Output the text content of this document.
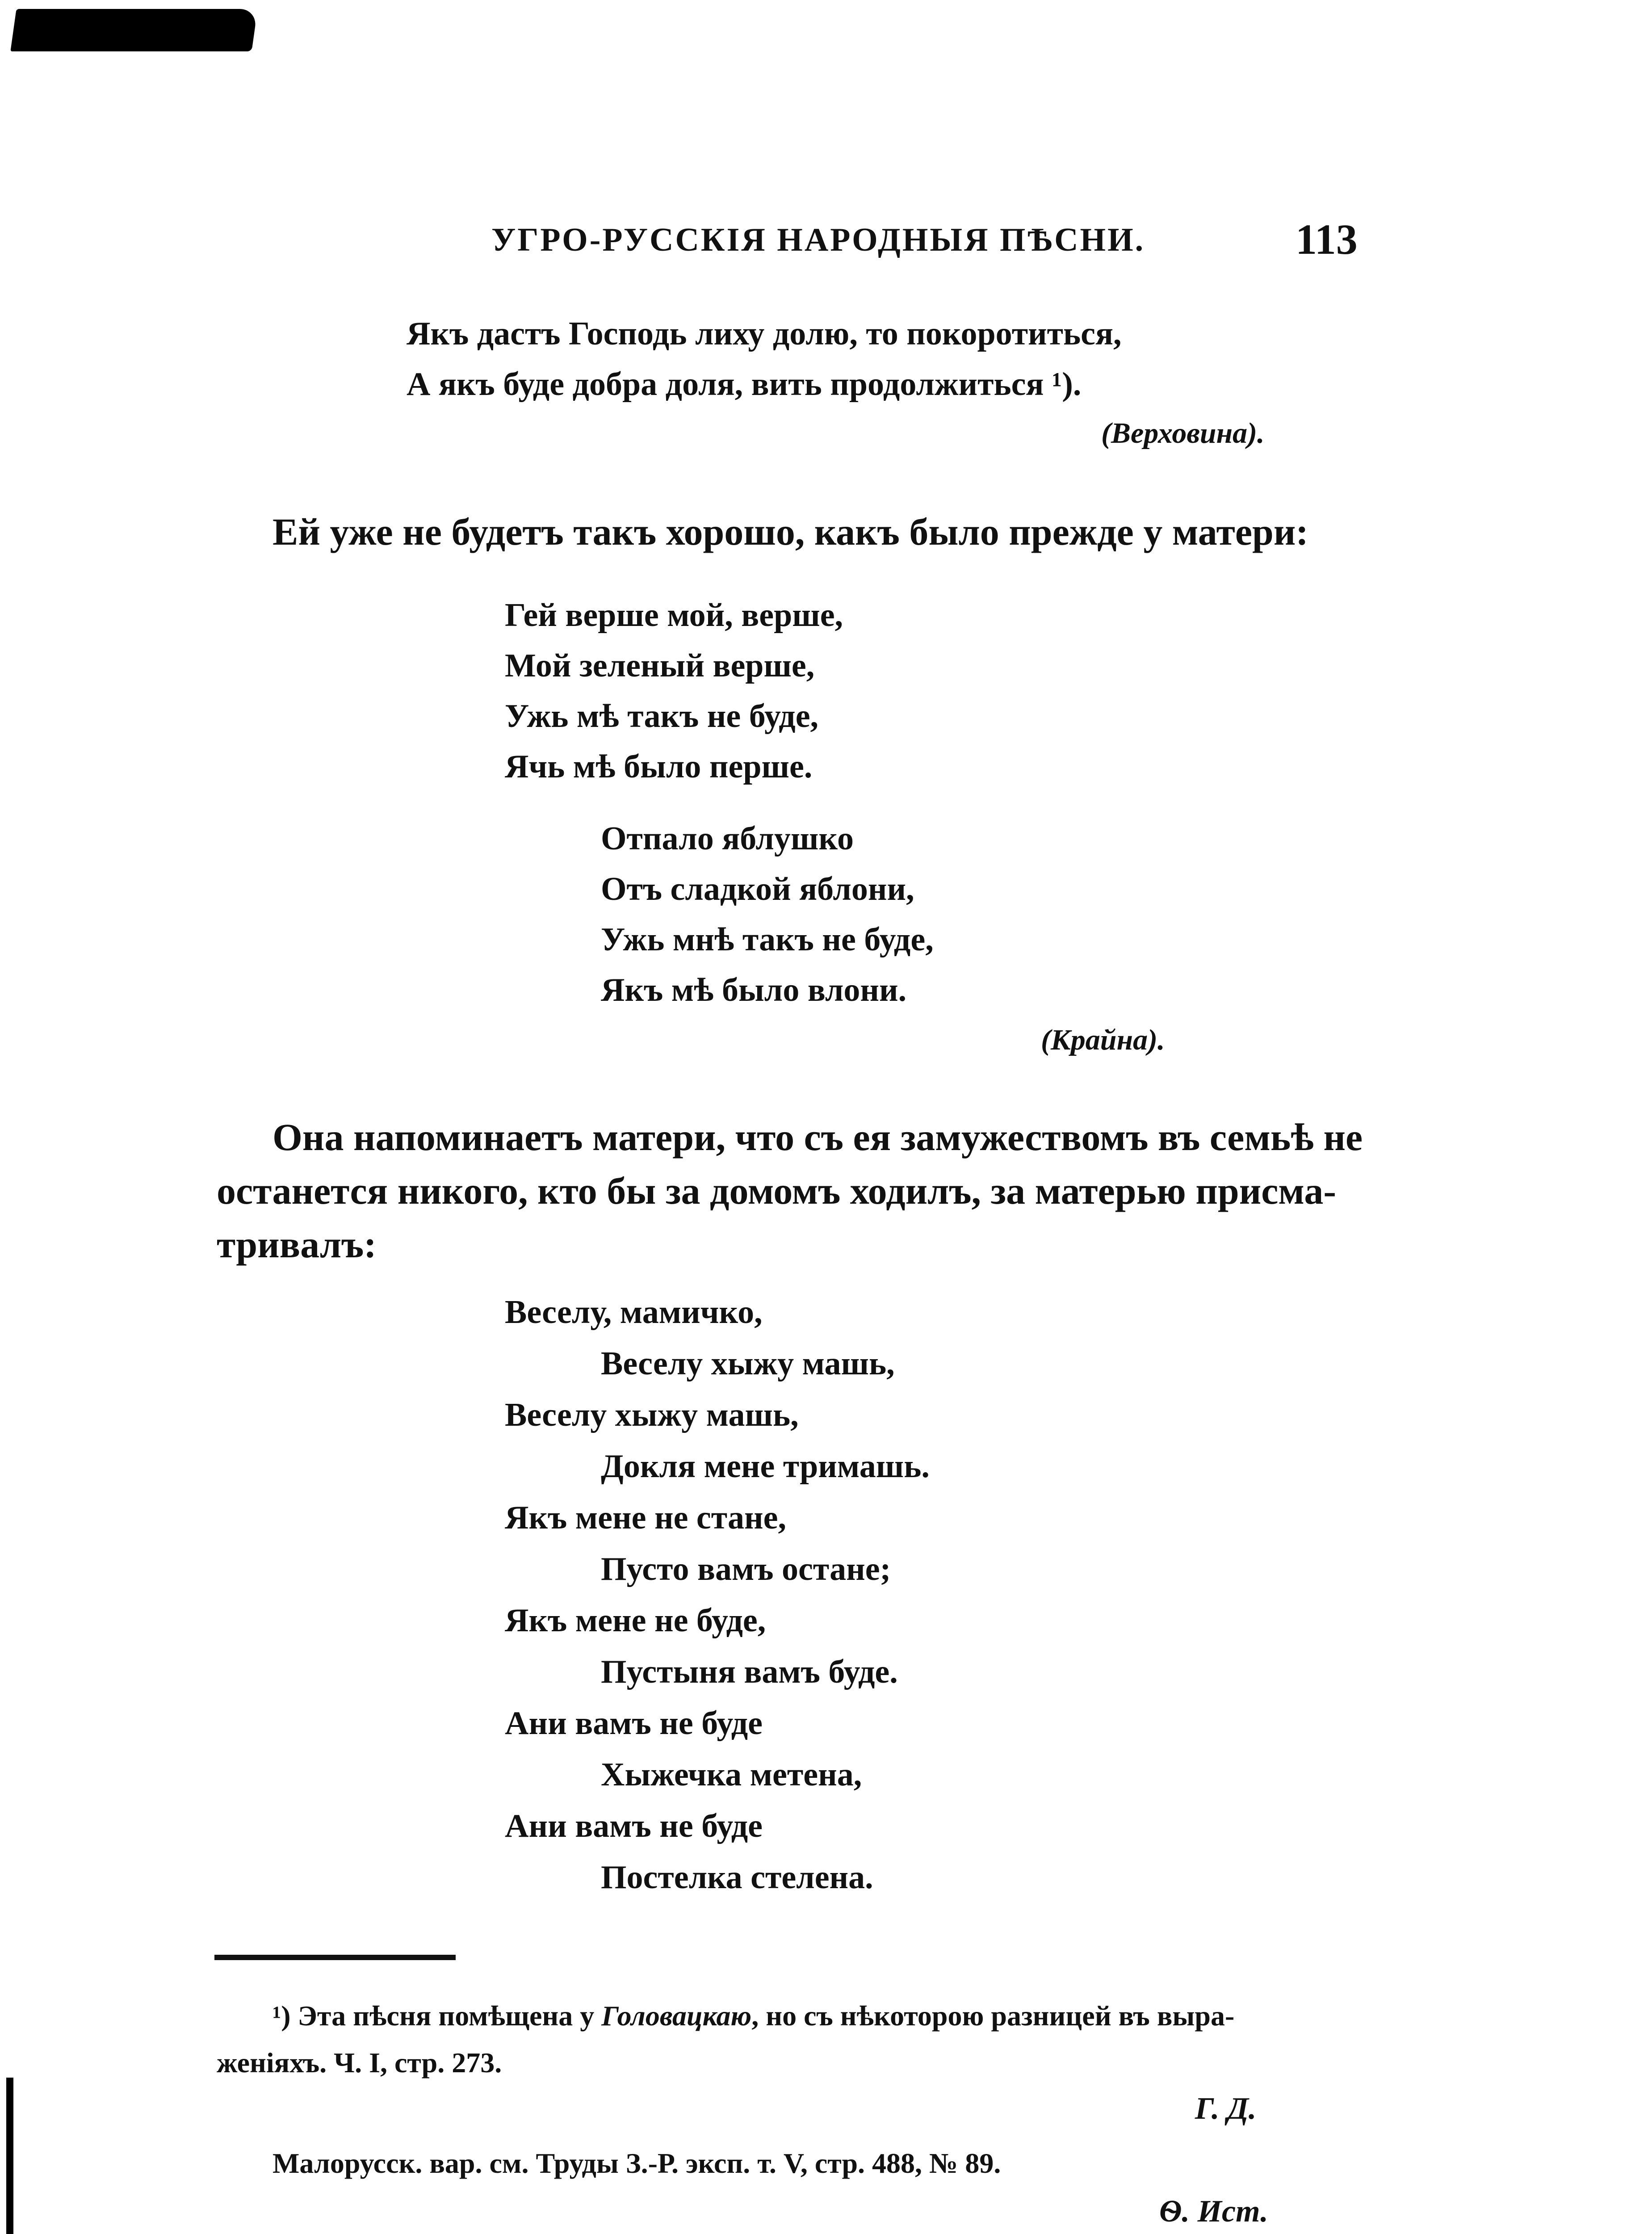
УГРО-РУССКІЯ НАРОДНЫЯ ПѢСНИ.	113
Якъ дастъ Господь лиху долю, то покоротиться,
А якъ буде добра доля, вить продолжиться ¹).
(Верховина).
Ей уже не будетъ такъ хорошо, какъ было прежде у матери:
Гей верше мой, верше,
Мой зеленый верше,
Ужь мѣ такъ не буде,
Ячь мѣ было перше.
Отпало яблушко
Отъ сладкой яблони,
Ужь мнѣ такъ не буде,
Якъ мѣ было влони.
(Крайна).
Она напоминаетъ матери, что съ ея замужествомъ въ семьѣ не
останется никого, кто бы за домомъ ходилъ, за матерью присма-
тривалъ:
Веселу, мамичко,
Веселу хыжу машь,
Веселу хыжу машь,
Докля мене тримашь.
Якъ мене не стане,
Пусто вамъ остане;
Якъ мене не буде,
Пустыня вамъ буде.
Ани вамъ не буде
Хыжечка метена,
Ани вамъ не буде
Постелка стелена.
¹) Эта пѣсня помѣщена у Головацкаю, но съ нѣкоторою разницей въ выра-
женіяхъ. Ч. I, стр. 273.
Г. Д.
Малорусск. вар. см. Труды З.-Р. эксп. т. V, стр. 488, № 89.
Ѳ. Ист.
